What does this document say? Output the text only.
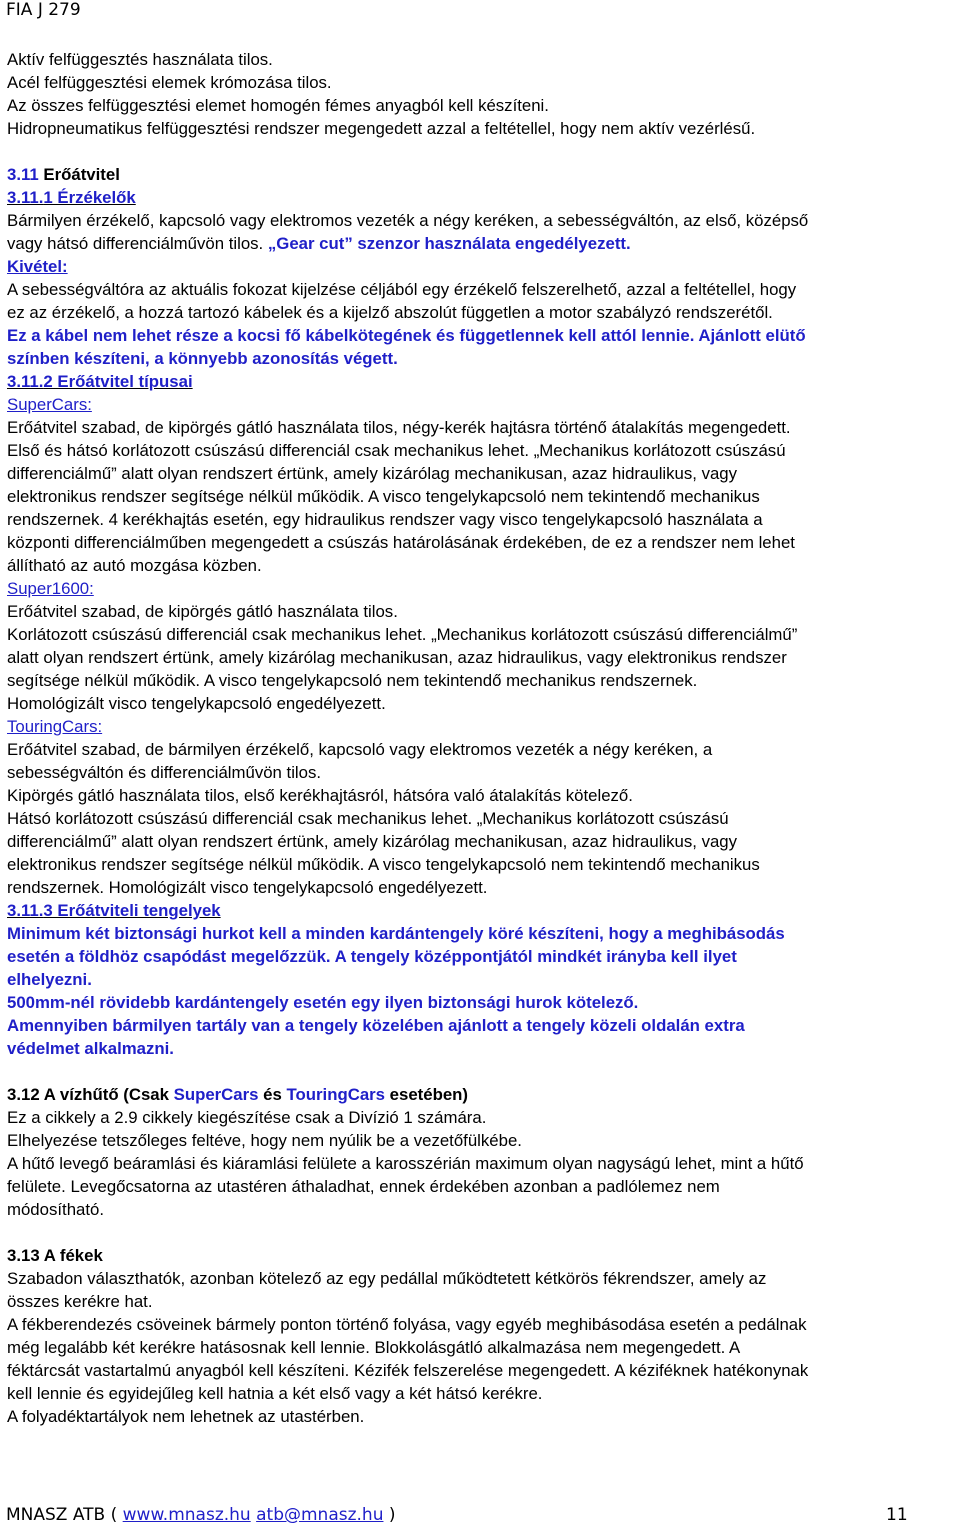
FIA J 279
Aktív felfüggesztés használata tilos.
Acél felfüggesztési elemek krómozása tilos.
Az összes felfüggesztési elemet homogén fémes anyagból kell készíteni.
Hidropneumatikus felfüggesztési rendszer megengedett azzal a feltétellel, hogy nem aktív vezérlésű.
3.11 Erőátvitel
3.11.1 Érzékelők
Bármilyen érzékelő, kapcsoló vagy elektromos vezeték a négy keréken, a sebességváltón, az első, középső
vagy hátsó differenciálművön tilos. „Gear cut” szenzor használata engedélyezett.
Kivétel:
A sebességváltóra az aktuális fokozat kijelzése céljából egy érzékelő felszerelhető, azzal a feltétellel, hogy
ez az érzékelő, a hozzá tartozó kábelek és a kijelző abszolút független a motor szabályzó rendszerétől.
Ez a kábel nem lehet része a kocsi fő kábelkötegének és függetlennek kell attól lennie. Ajánlott elütő
színben készíteni, a könnyebb azonosítás végett.
3.11.2 Erőátvitel típusai
SuperCars:
Erőátvitel szabad, de kipörgés gátló használata tilos, négy-kerék hajtásra történő átalakítás megengedett.
Első és hátsó korlátozott csúszású differenciál csak mechanikus lehet. „Mechanikus korlátozott csúszású
differenciálmű” alatt olyan rendszert értünk, amely kizárólag mechanikusan, azaz hidraulikus, vagy
elektronikus rendszer segítsége nélkül működik. A visco tengelykapcsoló nem tekintendő mechanikus
rendszernek. 4 kerékhajtás esetén, egy hidraulikus rendszer vagy visco tengelykapcsoló használata a
központi differenciálműben megengedett a csúszás határolásának érdekében, de ez a rendszer nem lehet
állítható az autó mozgása közben.
Super1600:
Erőátvitel szabad, de kipörgés gátló használata tilos.
Korlátozott csúszású differenciál csak mechanikus lehet. „Mechanikus korlátozott csúszású differenciálmű”
alatt olyan rendszert értünk, amely kizárólag mechanikusan, azaz hidraulikus, vagy elektronikus rendszer
segítsége nélkül működik. A visco tengelykapcsoló nem tekintendő mechanikus rendszernek.
Homológizált visco tengelykapcsoló engedélyezett.
TouringCars:
Erőátvitel szabad, de bármilyen érzékelő, kapcsoló vagy elektromos vezeték a négy keréken, a
sebességváltón és differenciálművön tilos.
Kipörgés gátló használata tilos, első kerékhajtásról, hátsóra való átalakítás kötelező.
Hátsó korlátozott csúszású differenciál csak mechanikus lehet. „Mechanikus korlátozott csúszású
differenciálmű” alatt olyan rendszert értünk, amely kizárólag mechanikusan, azaz hidraulikus, vagy
elektronikus rendszer segítsége nélkül működik. A visco tengelykapcsoló nem tekintendő mechanikus
rendszernek. Homológizált visco tengelykapcsoló engedélyezett.
3.11.3 Erőátviteli tengelyek
Minimum két biztonsági hurkot kell a minden kardántengely köré készíteni, hogy a meghibásodás
esetén a földhöz csapódást megelőzzük. A tengely középpontjától mindkét irányba kell ilyet
elhelyezni.
500mm-nél rövidebb kardántengely esetén egy ilyen biztonsági hurok kötelező.
Amennyiben bármilyen tartály van a tengely közelében ajánlott a tengely közeli oldalán extra
védelmet alkalmazni.
3.12 A vízhűtő (Csak SuperCars és TouringCars esetében)
Ez a cikkely a 2.9 cikkely kiegészítése csak a Divízió 1 számára.
Elhelyezése tetszőleges feltéve, hogy nem nyúlik be a vezetőfülkébe.
A hűtő levegő beáramlási és kiáramlási felülete a karosszérián maximum olyan nagyságú lehet, mint a hűtő
felülete. Levegőcsatorna az utastéren áthaladhat, ennek érdekében azonban a padlólemez nem
módosítható.
3.13 A fékek
Szabadon választhatók, azonban kötelező az egy pedállal működtetett kétkörös fékrendszer, amely az
összes kerékre hat.
A fékberendezés csöveinek bármely ponton történő folyása, vagy egyéb meghibásodása esetén a pedálnak
még legalább két kerékre hatásosnak kell lennie. Blokkolásgátló alkalmazása nem megengedett. A
féktárcsát vastartalmú anyagból kell készíteni. Kézifék felszerelése megengedett. A kéziféknek hatékonynak
kell lennie és egyidejűleg kell hatnia a két első vagy a két hátsó kerékre.
A folyadéktartályok nem lehetnek az utastérben.
MNASZ ATB ( www.mnasz.hu atb@mnasz.hu )	11
